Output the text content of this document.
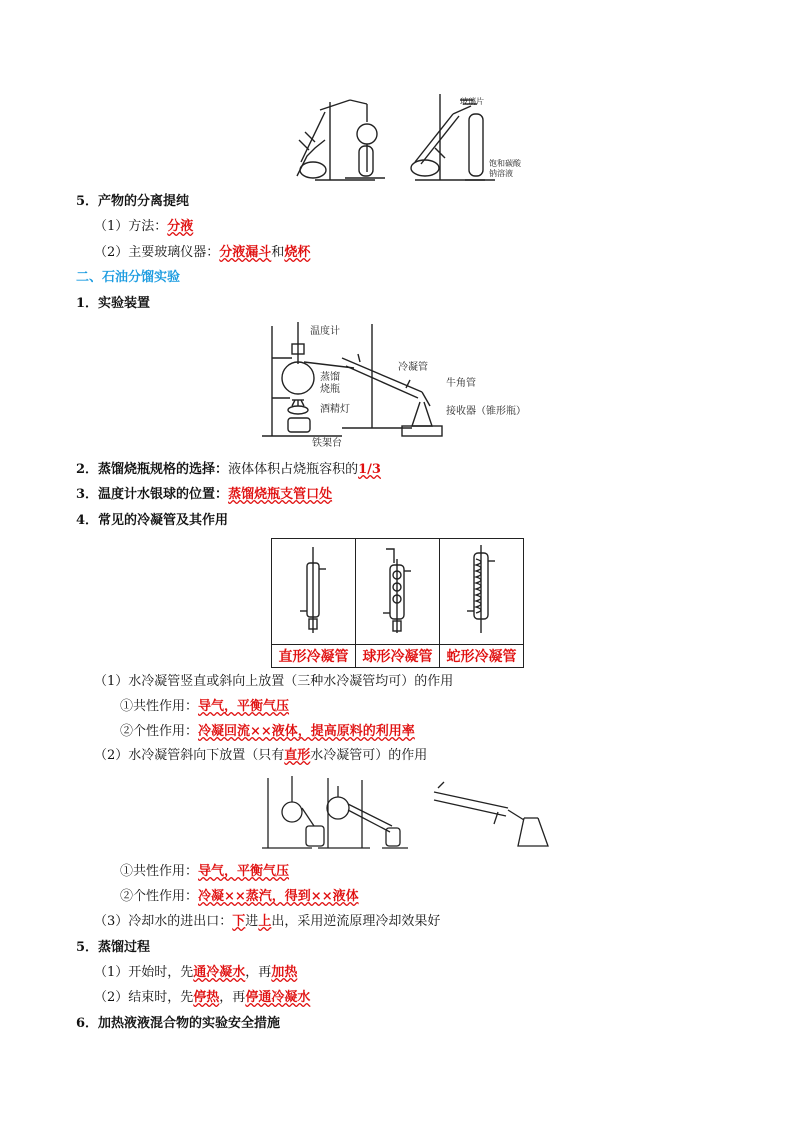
玻璃片
饱和碳酸
钠溶液
5．产物的分离提纯
（1）方法：分液
（2）主要玻璃仪器：分液漏斗和烧杯
二、石油分馏实验
1．实验装置
温度计
冷凝管
蒸馏
烧瓶
牛角管
酒精灯	接收器（锥形瓶）
铁架台
2．蒸馏烧瓶规格的选择：液体体积占烧瓶容积的1/3
3．温度计水银球的位置：蒸馏烧瓶支管口处
4．常见的冷凝管及其作用

直形冷凝管	球形冷凝管	蛇形冷凝管
（1）水冷凝管竖直或斜向上放置（三种水冷凝管均可）的作用
①共性作用：导气，平衡气压
②个性作用：冷凝回流××液体，提高原料的利用率
（2）水冷凝管斜向下放置（只有直形水冷凝管可）的作用
①共性作用：导气，平衡气压
②个性作用：冷凝××蒸汽，得到××液体
（3）冷却水的进出口：下进上出，采用逆流原理冷却效果好
5．蒸馏过程
（1）开始时，先通冷凝水，再加热
（2）结束时，先停热，再停通冷凝水
6．加热液液混合物的实验安全措施
